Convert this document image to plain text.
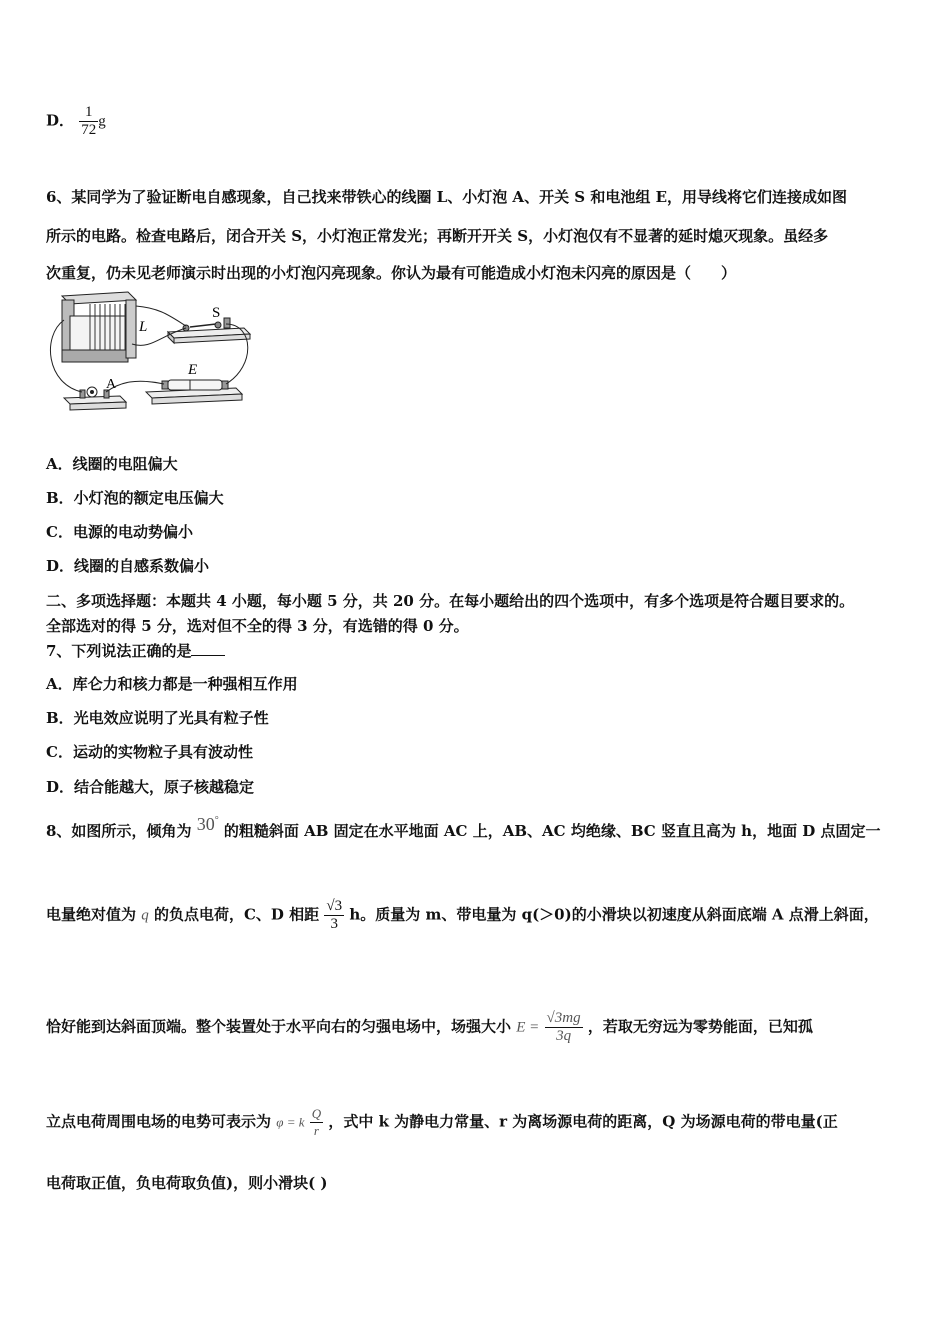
D． $\frac{1}{72}$ g
6、某同学为了验证断电自感现象，自己找来带铁心的线圈 L、小灯泡 A、开关 S 和电池组 E，用导线将它们连接成如图
所示的电路。检查电路后，闭合开关 S，小灯泡正常发光；再断开开关 S，小灯泡仅有不显著的延时熄灭现象。虽经多
次重复，仍未见老师演示时出现的小灯泡闪亮现象。你认为最有可能造成小灯泡未闪亮的原因是（　　）
L
S
E
A
A．线圈的电阻偏大
B．小灯泡的额定电压偏大
C．电源的电动势偏小
D．线圈的自感系数偏小
二、多项选择题：本题共 4 小题，每小题 5 分，共 20 分。在每小题给出的四个选项中，有多个选项是符合题目要求的。
全部选对的得 5 分，选对但不全的得 3 分，有选错的得 0 分。
7、下列说法正确的是
A．库仑力和核力都是一种强相互作用
B．光电效应说明了光具有粒子性
C．运动的实物粒子具有波动性
D．结合能越大，原子核越稳定
8、如图所示，倾角为 30° 的粗糙斜面 AB 固定在水平地面 AC 上，AB、AC 均绝缘、BC 竖直且高为 h，地面 D 点固定一
电量绝对值为 q 的负点电荷，C、D 相距 $\frac{√3}{3}$ h。质量为 m、带电量为 q(＞0)的小滑块以初速度从斜面底端 A 点滑上斜面，
恰好能到达斜面顶端。整个装置处于水平向右的匀强电场中，场强大小 $E = \frac{√3mg}{3q}$ ，若取无穷远为零势能面，已知孤
立点电荷周围电场的电势可表示为 φ = k $\frac{Q}{r}$ ，式中 k 为静电力常量、r 为离场源电荷的距离，Q 为场源电荷的带电量(正
电荷取正值，负电荷取负值)，则小滑块( )
